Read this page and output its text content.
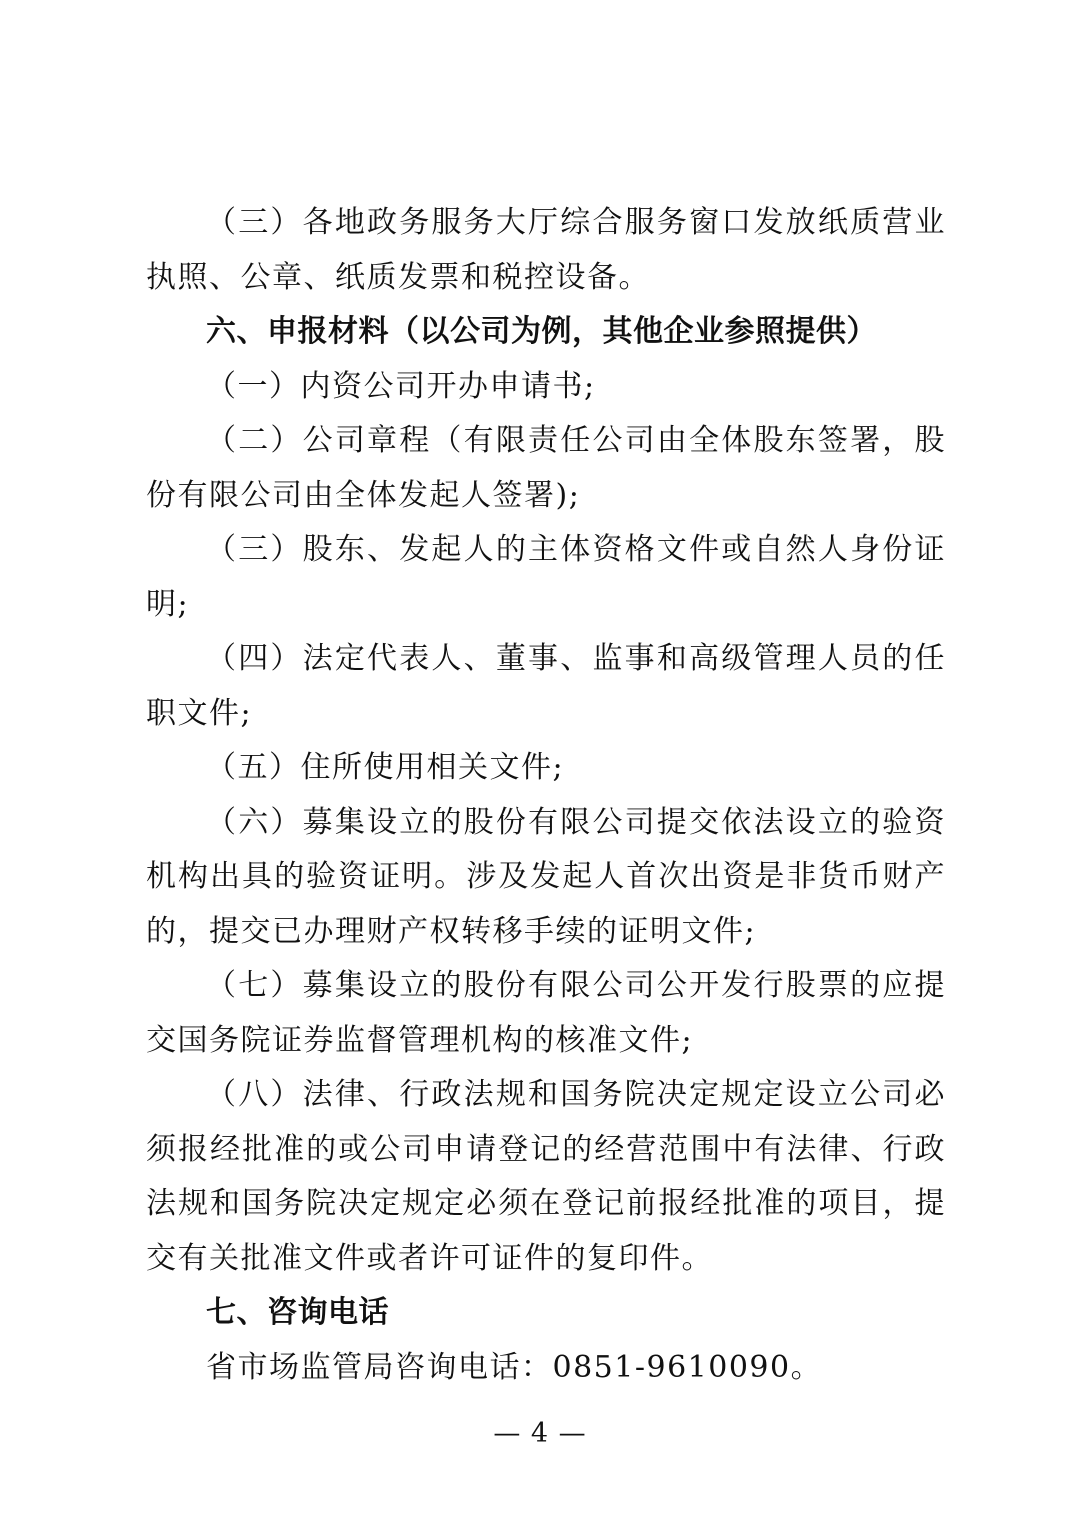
（三）各地政务服务大厅综合服务窗口发放纸质营业执照、公章、纸质发票和税控设备。

六、申报材料（以公司为例，其他企业参照提供）

（一）内资公司开办申请书;

（二）公司章程（有限责任公司由全体股东签署，股份有限公司由全体发起人签署);

（三）股东、发起人的主体资格文件或自然人身份证明;

（四）法定代表人、董事、监事和高级管理人员的任职文件;

（五）住所使用相关文件;

（六）募集设立的股份有限公司提交依法设立的验资机构出具的验资证明。涉及发起人首次出资是非货币财产的，提交已办理财产权转移手续的证明文件;

（七）募集设立的股份有限公司公开发行股票的应提交国务院证券监督管理机构的核准文件;

（八）法律、行政法规和国务院决定规定设立公司必须报经批准的或公司申请登记的经营范围中有法律、行政法规和国务院决定规定必须在登记前报经批准的项目，提交有关批准文件或者许可证件的复印件。

七、咨询电话

省市场监管局咨询电话：0851-9610090。

— 4 —
